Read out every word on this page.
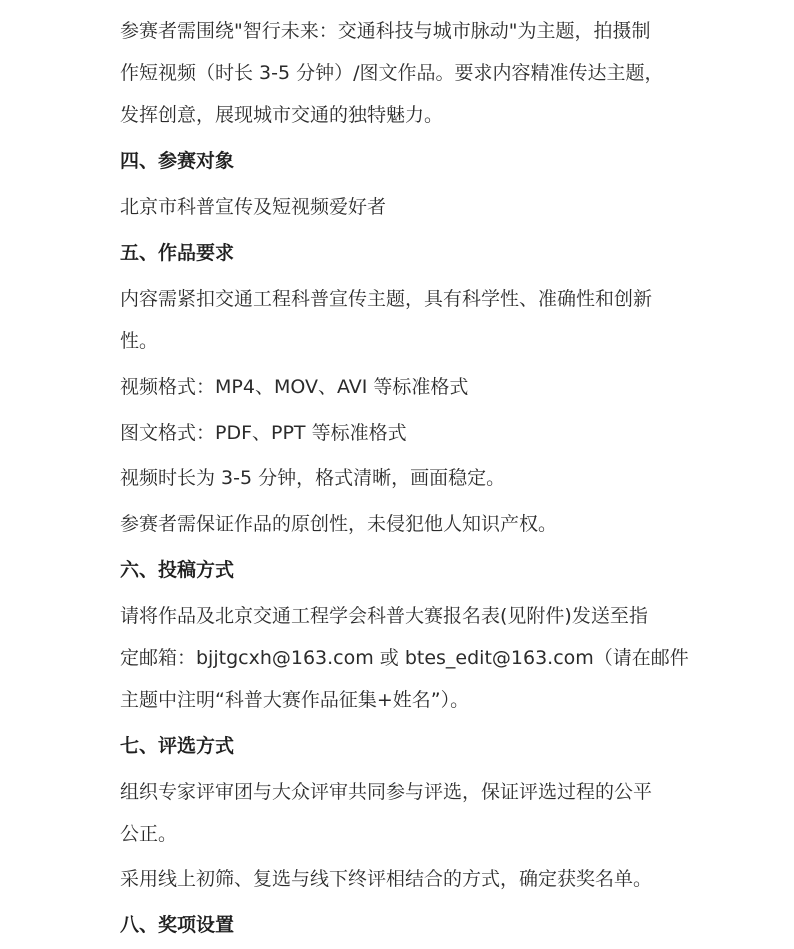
参赛者需围绕"智行未来：交通科技与城市脉动"为主题，拍摄制
作短视频（时长 3-5 分钟）/图文作品。要求内容精准传达主题，
发挥创意，展现城市交通的独特魅力。
四、参赛对象
北京市科普宣传及短视频爱好者
五、作品要求
内容需紧扣交通工程科普宣传主题，具有科学性、准确性和创新
性。
视频格式：MP4、MOV、AVI 等标准格式
图文格式：PDF、PPT 等标准格式
视频时长为 3-5 分钟，格式清晰，画面稳定。
参赛者需保证作品的原创性，未侵犯他人知识产权。
六、投稿方式
请将作品及北京交通工程学会科普大赛报名表(见附件)发送至指
定邮箱：bjjtgcxh@163.com 或 btes_edit@163.com（请在邮件
主题中注明“科普大赛作品征集+姓名”）。
七、评选方式
组织专家评审团与大众评审共同参与评选，保证评选过程的公平
公正。
采用线上初筛、复选与线下终评相结合的方式，确定获奖名单。
八、奖项设置
